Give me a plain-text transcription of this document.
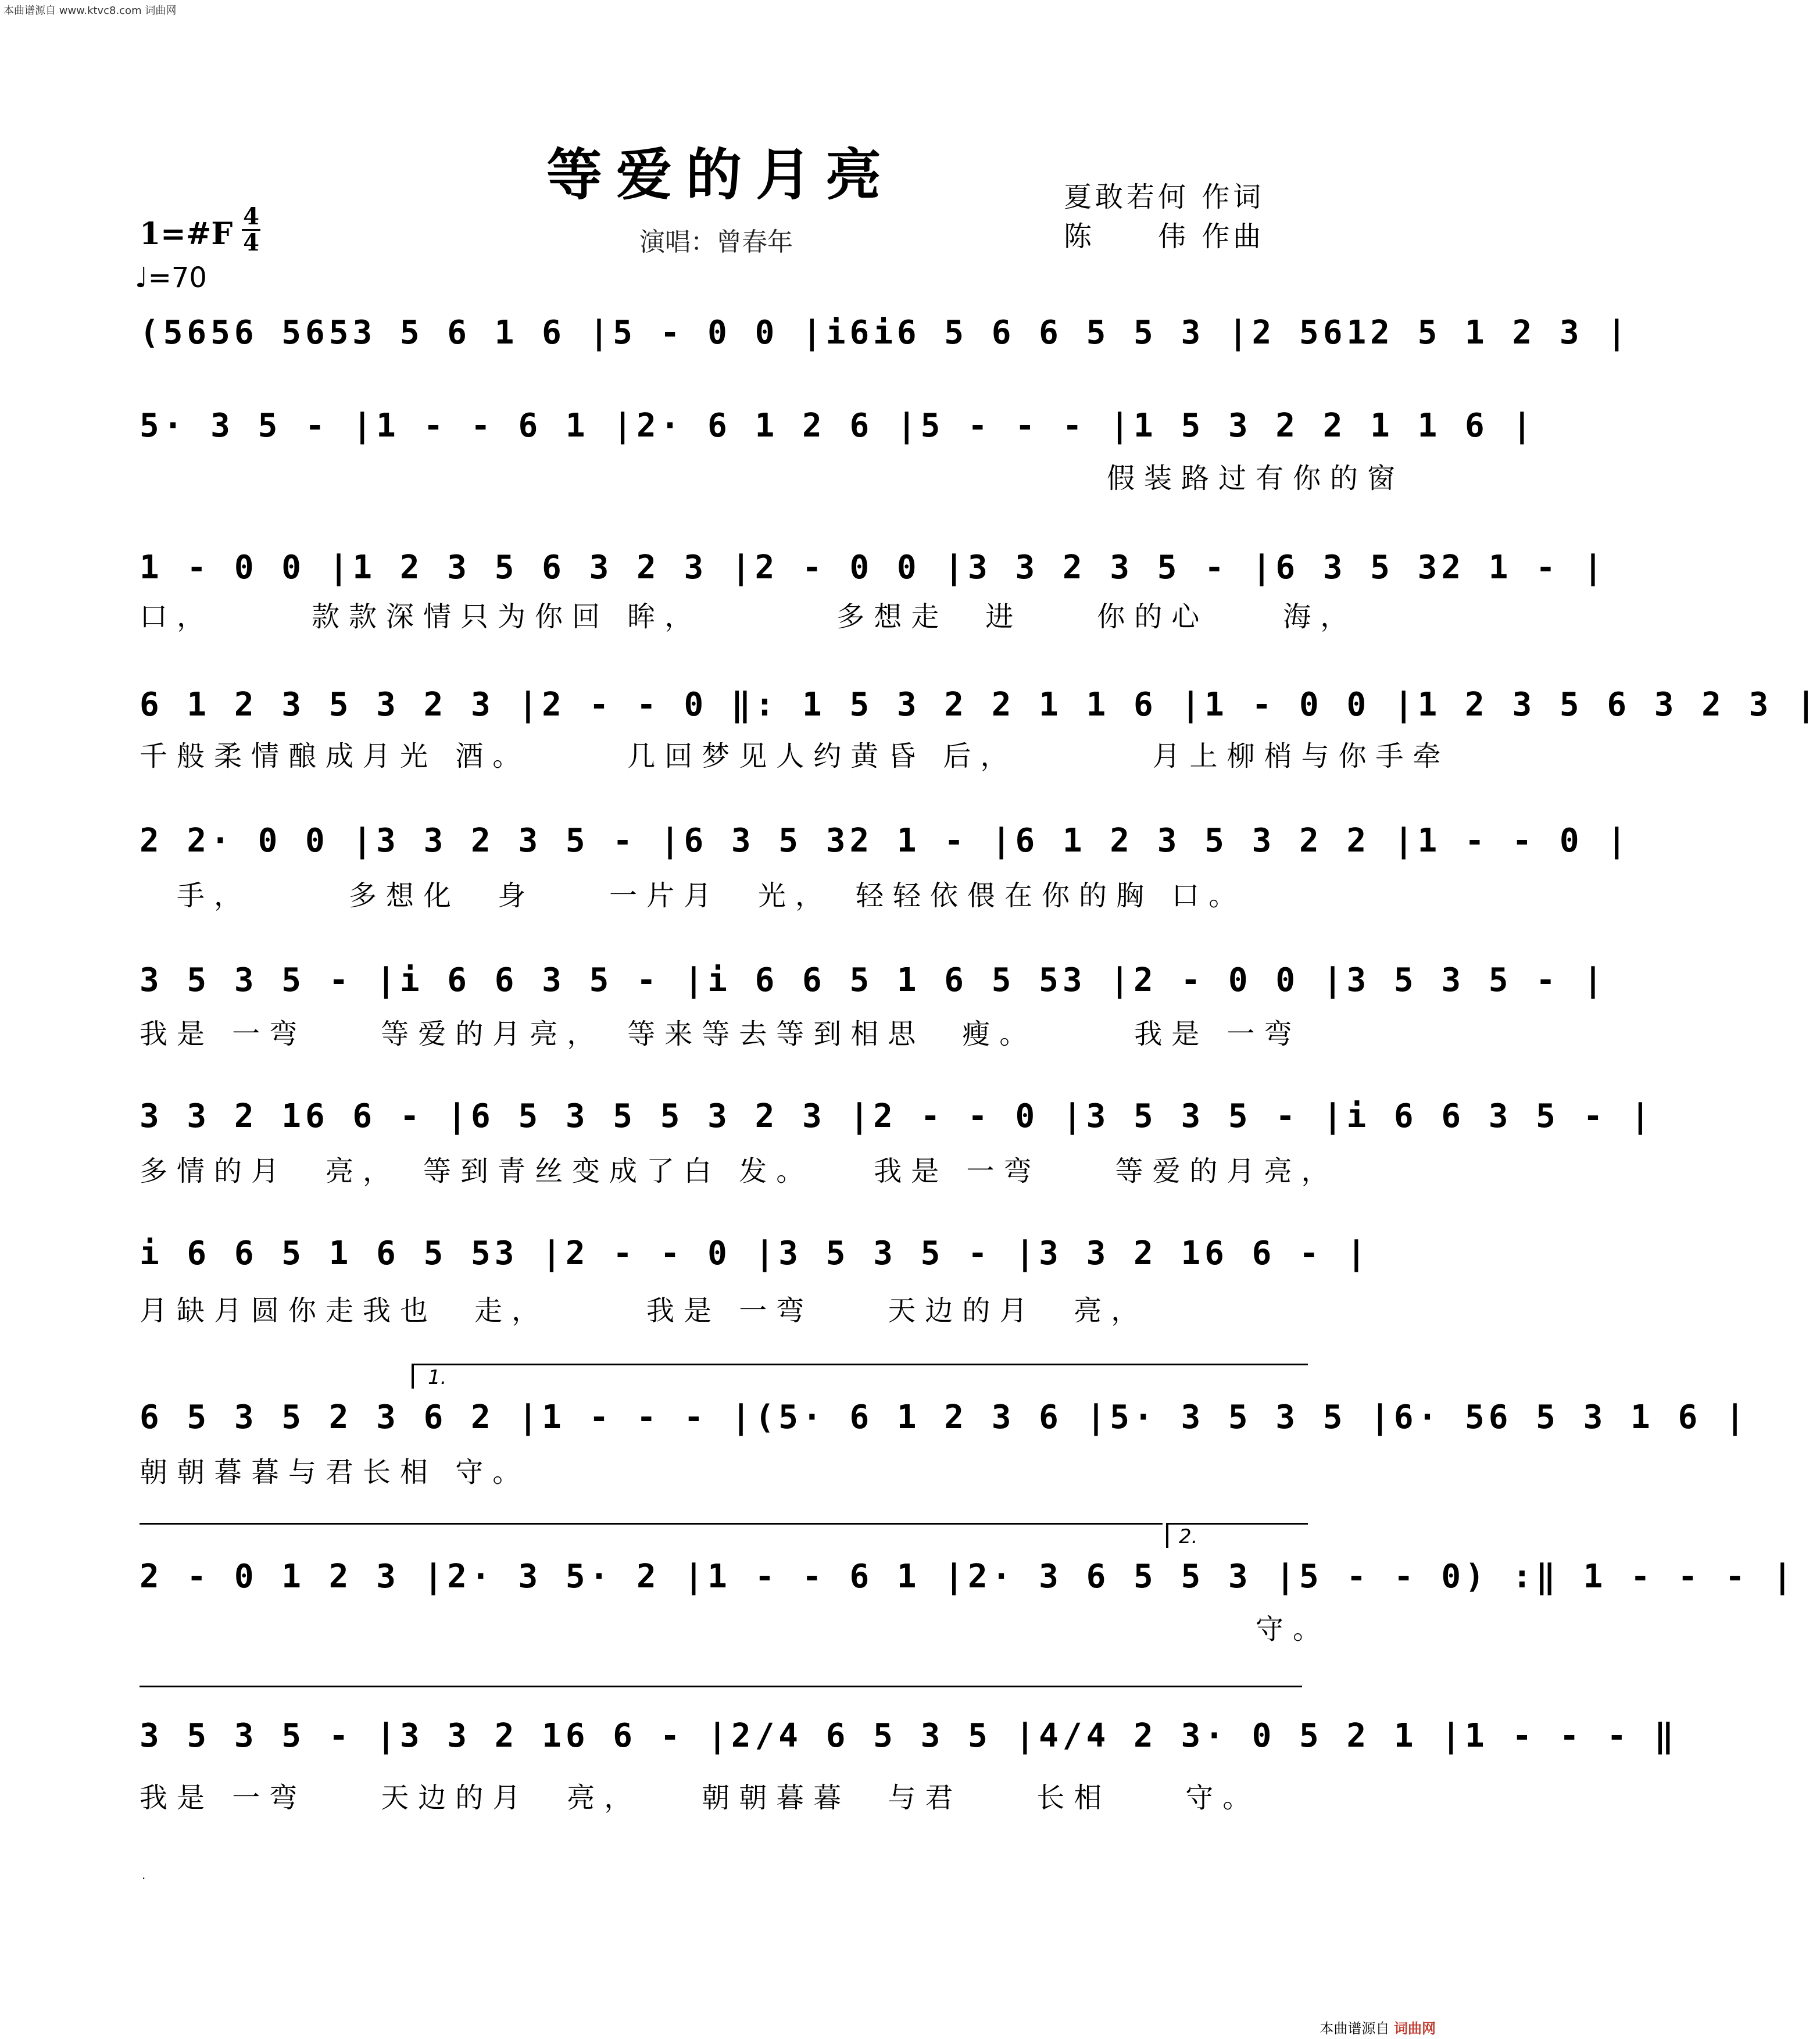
本曲谱源自 www.ktvc8.com 词曲网
等爱的月亮
演唱：曾春年
夏敢若何 作词
陈　　伟 作曲
1=#F 4
4
♩=70
(5656 5653 5 6 1 6 |5 - 0 0 |i6i6 5 6 6 5 5 3 |2 5612 5 1 2 3 |
5· 3 5 - |1 - - 6 1 |2· 6 1 2 6 |5 - - - |1 5 3 2 2 1 1 6 |
　　　　　　　　　　　　　　　　　　　　　　　　　　假装路过有你的窗
1 - 0 0 |1 2 3 5 6 3 2 3 |2 - 0 0 |3 3 2 3 5 - |6 3 5 32 1 - |
口，　　　款款深情只为你回 眸，　　　　多想走　进　　你的心　　海，
6 1 2 3 5 3 2 3 |2 - - 0 ‖: 1 5 3 2 2 1 1 6 |1 - 0 0 |1 2 3 5 6 3 2 3 |
千般柔情酿成月光 酒。　　　几回梦见人约黄昏 后，　　　　月上柳梢与你手牵
2 2· 0 0 |3 3 2 3 5 - |6 3 5 32 1 - |6 1 2 3 5 3 2 2 |1 - - 0 |
　手，　　　多想化　身　　一片月　光，　轻轻依偎在你的胸 口。
3 5 3 5 - |i 6 6 3 5 - |i 6 6 5 1 6 5 53 |2 - 0 0 |3 5 3 5 - |
我是 一弯　　等爱的月亮，　等来等去等到相思　瘦。　　　我是 一弯
3 3 2 16 6 - |6 5 3 5 5 3 2 3 |2 - - 0 |3 5 3 5 - |i 6 6 3 5 - |
多情的月　亮，　等到青丝变成了白 发。　　我是 一弯　　等爱的月亮，
i 6 6 5 1 6 5 53 |2 - - 0 |3 5 3 5 - |3 3 2 16 6 - |
月缺月圆你走我也　走，　　　我是 一弯　　天边的月　亮，
1.
6 5 3 5 2 3 6 2 |1 - - - |(5· 6 1 2 3 6 |5· 3 5 3 5 |6· 56 5 3 1 6 |
朝朝暮暮与君长相 守。
2.
2 - 0 1 2 3 |2· 3 5· 2 |1 - - 6 1 |2· 3 6 5 5 3 |5 - - 0) :‖ 1 - - - |
　　　　　　　　　　　　　　　　　　　　　　　　　　　　　　守。
3 5 3 5 - |3 3 2 16 6 - |2/4 6 5 3 5 |4/4 2 3· 0 5 2 1 |1 - - - ‖
我是 一弯　　天边的月　亮，　　朝朝暮暮　与君　　长相　　守。
·
本曲谱源自 词曲网
